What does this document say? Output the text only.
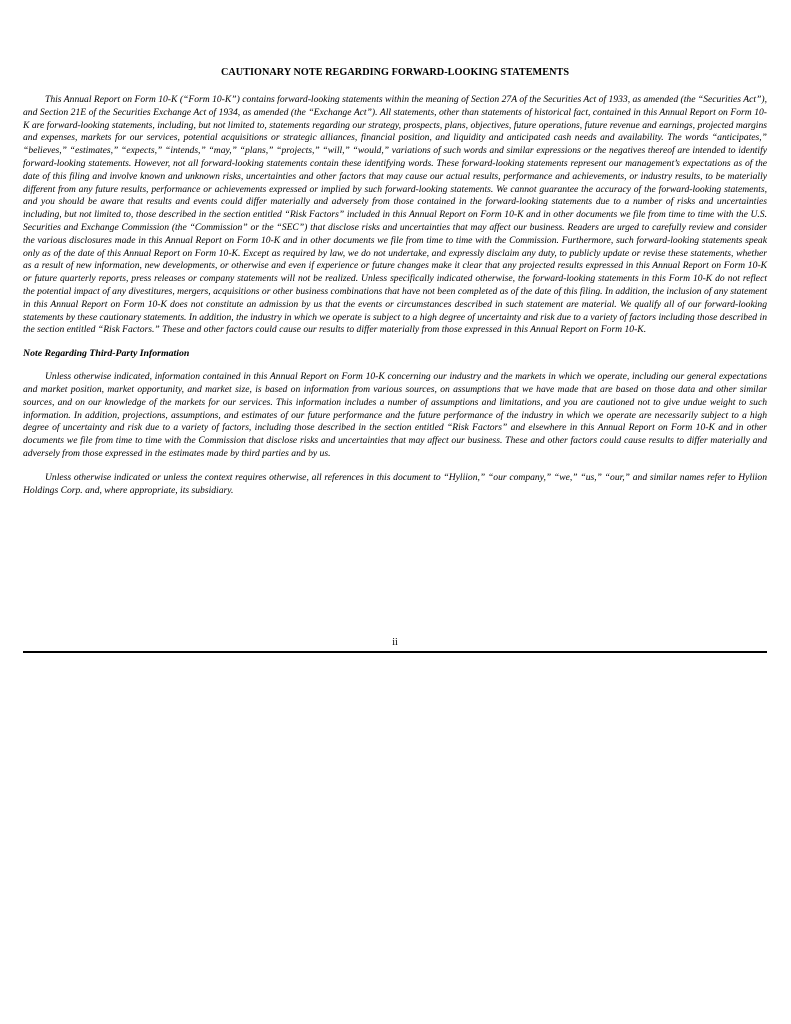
CAUTIONARY NOTE REGARDING FORWARD-LOOKING STATEMENTS

This Annual Report on Form 10-K (“Form 10-K”) contains forward-looking statements within the meaning of Section 27A of the Securities Act of 1933, as amended (the “Securities Act”), and Section 21E of the Securities Exchange Act of 1934, as amended (the “Exchange Act”). All statements, other than statements of historical fact, contained in this Annual Report on Form 10-K are forward-looking statements, including, but not limited to, statements regarding our strategy, prospects, plans, objectives, future operations, future revenue and earnings, projected margins and expenses, markets for our services, potential acquisitions or strategic alliances, financial position, and liquidity and anticipated cash needs and availability. The words “anticipates,” “believes,” “estimates,” “expects,” “intends,” “may,” “plans,” “projects,” “will,” “would,” variations of such words and similar expressions or the negatives thereof are intended to identify forward-looking statements. However, not all forward-looking statements contain these identifying words. These forward-looking statements represent our management’s expectations as of the date of this filing and involve known and unknown risks, uncertainties and other factors that may cause our actual results, performance and achievements, or industry results, to be materially different from any future results, performance or achievements expressed or implied by such forward-looking statements. We cannot guarantee the accuracy of the forward-looking statements, and you should be aware that results and events could differ materially and adversely from those contained in the forward-looking statements due to a number of risks and uncertainties including, but not limited to, those described in the section entitled “Risk Factors” included in this Annual Report on Form 10-K and in other documents we file from time to time with the U.S. Securities and Exchange Commission (the “Commission” or the “SEC”) that disclose risks and uncertainties that may affect our business. Readers are urged to carefully review and consider the various disclosures made in this Annual Report on Form 10-K and in other documents we file from time to time with the Commission. Furthermore, such forward-looking statements speak only as of the date of this Annual Report on Form 10-K. Except as required by law, we do not undertake, and expressly disclaim any duty, to publicly update or revise these statements, whether as a result of new information, new developments, or otherwise and even if experience or future changes make it clear that any projected results expressed in this Annual Report on Form 10-K or future quarterly reports, press releases or company statements will not be realized. Unless specifically indicated otherwise, the forward-looking statements in this Form 10-K do not reflect the potential impact of any divestitures, mergers, acquisitions or other business combinations that have not been completed as of the date of this filing. In addition, the inclusion of any statement in this Annual Report on Form 10-K does not constitute an admission by us that the events or circumstances described in such statement are material. We qualify all of our forward-looking statements by these cautionary statements. In addition, the industry in which we operate is subject to a high degree of uncertainty and risk due to a variety of factors including those described in the section entitled “Risk Factors.” These and other factors could cause our results to differ materially from those expressed in this Annual Report on Form 10-K.

Note Regarding Third-Party Information

Unless otherwise indicated, information contained in this Annual Report on Form 10-K concerning our industry and the markets in which we operate, including our general expectations and market position, market opportunity, and market size, is based on information from various sources, on assumptions that we have made that are based on those data and other similar sources, and on our knowledge of the markets for our services. This information includes a number of assumptions and limitations, and you are cautioned not to give undue weight to such information. In addition, projections, assumptions, and estimates of our future performance and the future performance of the industry in which we operate are necessarily subject to a high degree of uncertainty and risk due to a variety of factors, including those described in the section entitled “Risk Factors” and elsewhere in this Annual Report on Form 10-K and in other documents we file from time to time with the Commission that disclose risks and uncertainties that may affect our business. These and other factors could cause results to differ materially and adversely from those expressed in the estimates made by third parties and by us.

Unless otherwise indicated or unless the context requires otherwise, all references in this document to “Hyliion,” “our company,” “we,” “us,” “our,” and similar names refer to Hyliion Holdings Corp. and, where appropriate, its subsidiary.

ii
